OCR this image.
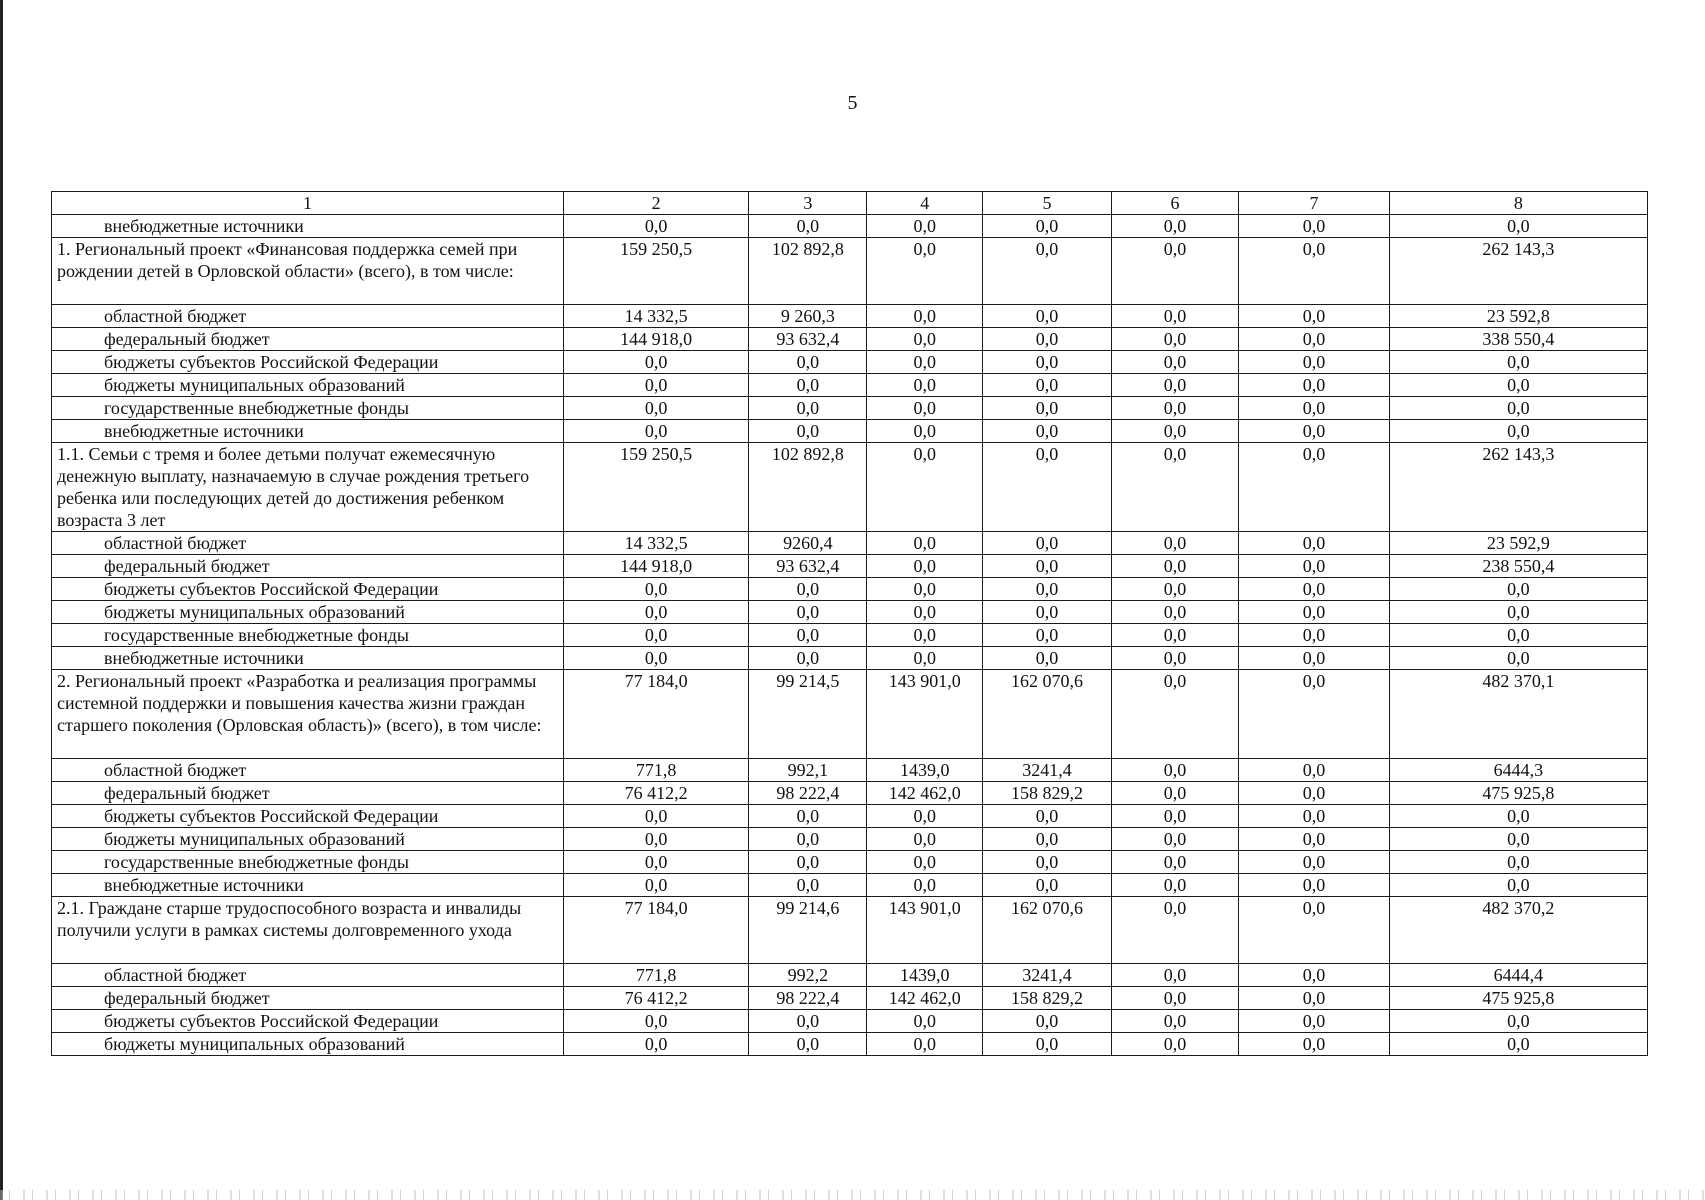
5
1	2	3	4	5	6	7	8
внебюджетные источники	0,0	0,0	0,0	0,0	0,0	0,0	0,0
1. Региональный проект «Финансовая поддержка семей при рождении детей в Орловской области» (всего), в том числе:	159 250,5	102 892,8	0,0	0,0	0,0	0,0	262 143,3
областной бюджет	14 332,5	9 260,3	0,0	0,0	0,0	0,0	23 592,8
федеральный бюджет	144 918,0	93 632,4	0,0	0,0	0,0	0,0	338 550,4
бюджеты субъектов Российской Федерации	0,0	0,0	0,0	0,0	0,0	0,0	0,0
бюджеты муниципальных образований	0,0	0,0	0,0	0,0	0,0	0,0	0,0
государственные внебюджетные фонды	0,0	0,0	0,0	0,0	0,0	0,0	0,0
внебюджетные источники	0,0	0,0	0,0	0,0	0,0	0,0	0,0
1.1. Семьи с тремя и более детьми получат ежемесячную денежную выплату, назначаемую в случае рождения третьего ребенка или последующих детей до достижения ребенком возраста 3 лет	159 250,5	102 892,8	0,0	0,0	0,0	0,0	262 143,3
областной бюджет	14 332,5	9260,4	0,0	0,0	0,0	0,0	23 592,9
федеральный бюджет	144 918,0	93 632,4	0,0	0,0	0,0	0,0	238 550,4
бюджеты субъектов Российской Федерации	0,0	0,0	0,0	0,0	0,0	0,0	0,0
бюджеты муниципальных образований	0,0	0,0	0,0	0,0	0,0	0,0	0,0
государственные внебюджетные фонды	0,0	0,0	0,0	0,0	0,0	0,0	0,0
внебюджетные источники	0,0	0,0	0,0	0,0	0,0	0,0	0,0
2. Региональный проект «Разработка и реализация программы системной поддержки и повышения качества жизни граждан старшего поколения (Орловская область)» (всего), в том числе:	77 184,0	99 214,5	143 901,0	162 070,6	0,0	0,0	482 370,1
областной бюджет	771,8	992,1	1439,0	3241,4	0,0	0,0	6444,3
федеральный бюджет	76 412,2	98 222,4	142 462,0	158 829,2	0,0	0,0	475 925,8
бюджеты субъектов Российской Федерации	0,0	0,0	0,0	0,0	0,0	0,0	0,0
бюджеты муниципальных образований	0,0	0,0	0,0	0,0	0,0	0,0	0,0
государственные внебюджетные фонды	0,0	0,0	0,0	0,0	0,0	0,0	0,0
внебюджетные источники	0,0	0,0	0,0	0,0	0,0	0,0	0,0
2.1. Граждане старше трудоспособного возраста и инвалиды получили услуги в рамках системы долговременного ухода	77 184,0	99 214,6	143 901,0	162 070,6	0,0	0,0	482 370,2
областной бюджет	771,8	992,2	1439,0	3241,4	0,0	0,0	6444,4
федеральный бюджет	76 412,2	98 222,4	142 462,0	158 829,2	0,0	0,0	475 925,8
бюджеты субъектов Российской Федерации	0,0	0,0	0,0	0,0	0,0	0,0	0,0
бюджеты муниципальных образований	0,0	0,0	0,0	0,0	0,0	0,0	0,0
